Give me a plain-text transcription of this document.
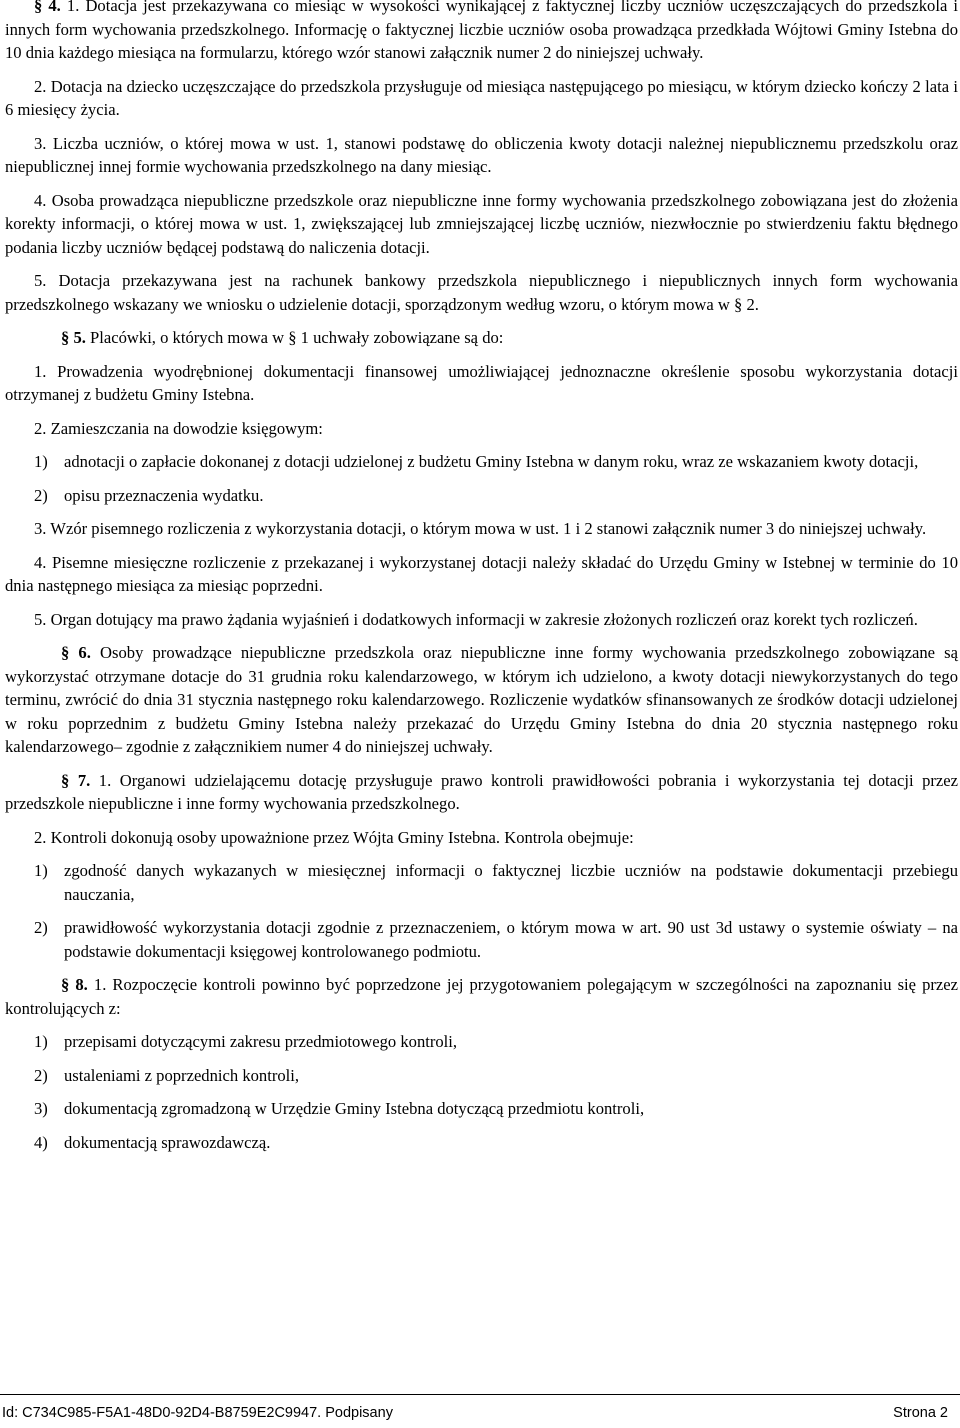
§ 4. 1. Dotacja jest przekazywana co miesiąc w wysokości wynikającej z faktycznej liczby uczniów uczęszczających do przedszkola i innych form wychowania przedszkolnego. Informację o faktycznej liczbie uczniów osoba prowadząca przedkłada Wójtowi Gminy Istebna do 10 dnia każdego miesiąca na formularzu, którego wzór stanowi załącznik numer 2 do niniejszej uchwały.

2. Dotacja na dziecko uczęszczające do przedszkola przysługuje od miesiąca następującego po miesiącu, w którym dziecko kończy 2 lata i 6 miesięcy życia.

3. Liczba uczniów, o której mowa w ust. 1, stanowi podstawę do obliczenia kwoty dotacji należnej niepublicznemu przedszkolu oraz niepublicznej innej formie wychowania przedszkolnego na dany miesiąc.

4. Osoba prowadząca niepubliczne przedszkole oraz niepubliczne inne formy wychowania przedszkolnego zobowiązana jest do złożenia korekty informacji, o której mowa w ust. 1, zwiększającej lub zmniejszającej liczbę uczniów, niezwłocznie po stwierdzeniu faktu błędnego podania liczby uczniów będącej podstawą do naliczenia dotacji.

5. Dotacja przekazywana jest na rachunek bankowy przedszkola niepublicznego i niepublicznych innych form wychowania przedszkolnego wskazany we wniosku o udzielenie dotacji, sporządzonym według wzoru, o którym mowa w § 2.

§ 5. Placówki, o których mowa w § 1 uchwały zobowiązane są do:

1. Prowadzenia wyodrębnionej dokumentacji finansowej umożliwiającej jednoznaczne określenie sposobu wykorzystania dotacji otrzymanej z budżetu Gminy Istebna.

2. Zamieszczania na dowodzie księgowym:

1) adnotacji o zapłacie dokonanej z dotacji udzielonej z budżetu Gminy Istebna w danym roku, wraz ze wskazaniem kwoty dotacji,
2) opisu przeznaczenia wydatku.

3. Wzór pisemnego rozliczenia z wykorzystania dotacji, o którym mowa w ust. 1 i 2 stanowi załącznik numer 3 do niniejszej uchwały.

4. Pisemne miesięczne rozliczenie z przekazanej i wykorzystanej dotacji należy składać do Urzędu Gminy w Istebnej w terminie do 10 dnia następnego miesiąca za miesiąc poprzedni.

5. Organ dotujący ma prawo żądania wyjaśnień i dodatkowych informacji w zakresie złożonych rozliczeń oraz korekt tych rozliczeń.

§ 6. Osoby prowadzące niepubliczne przedszkola oraz niepubliczne inne formy wychowania przedszkolnego zobowiązane są wykorzystać otrzymane dotacje do 31 grudnia roku kalendarzowego, w którym ich udzielono, a kwoty dotacji niewykorzystanych do tego terminu, zwrócić do dnia 31 stycznia następnego roku kalendarzowego. Rozliczenie wydatków sfinansowanych ze środków dotacji udzielonej w roku poprzednim z budżetu Gminy Istebna należy przekazać do Urzędu Gminy Istebna do dnia 20 stycznia następnego roku kalendarzowego– zgodnie z załącznikiem numer 4 do niniejszej uchwały.

§ 7. 1. Organowi udzielającemu dotację przysługuje prawo kontroli prawidłowości pobrania i wykorzystania tej dotacji przez przedszkole niepubliczne i inne formy wychowania przedszkolnego.

2. Kontroli dokonują osoby upoważnione przez Wójta Gminy Istebna. Kontrola obejmuje:

1) zgodność danych wykazanych w miesięcznej informacji o faktycznej liczbie uczniów na podstawie dokumentacji przebiegu nauczania,
2) prawidłowość wykorzystania dotacji zgodnie z przeznaczeniem, o którym mowa w art. 90 ust 3d ustawy o systemie oświaty – na podstawie dokumentacji księgowej kontrolowanego podmiotu.

§ 8. 1. Rozpoczęcie kontroli powinno być poprzedzone jej przygotowaniem polegającym w szczególności na zapoznaniu się przez kontrolujących z:

1) przepisami dotyczącymi zakresu przedmiotowego kontroli,
2) ustaleniami z poprzednich kontroli,
3) dokumentacją zgromadzoną w Urzędzie Gminy Istebna dotyczącą przedmiotu kontroli,
4) dokumentacją sprawozdawczą.
Id: C734C985-F5A1-48D0-92D4-B8759E2C9947. Podpisany	Strona 2
